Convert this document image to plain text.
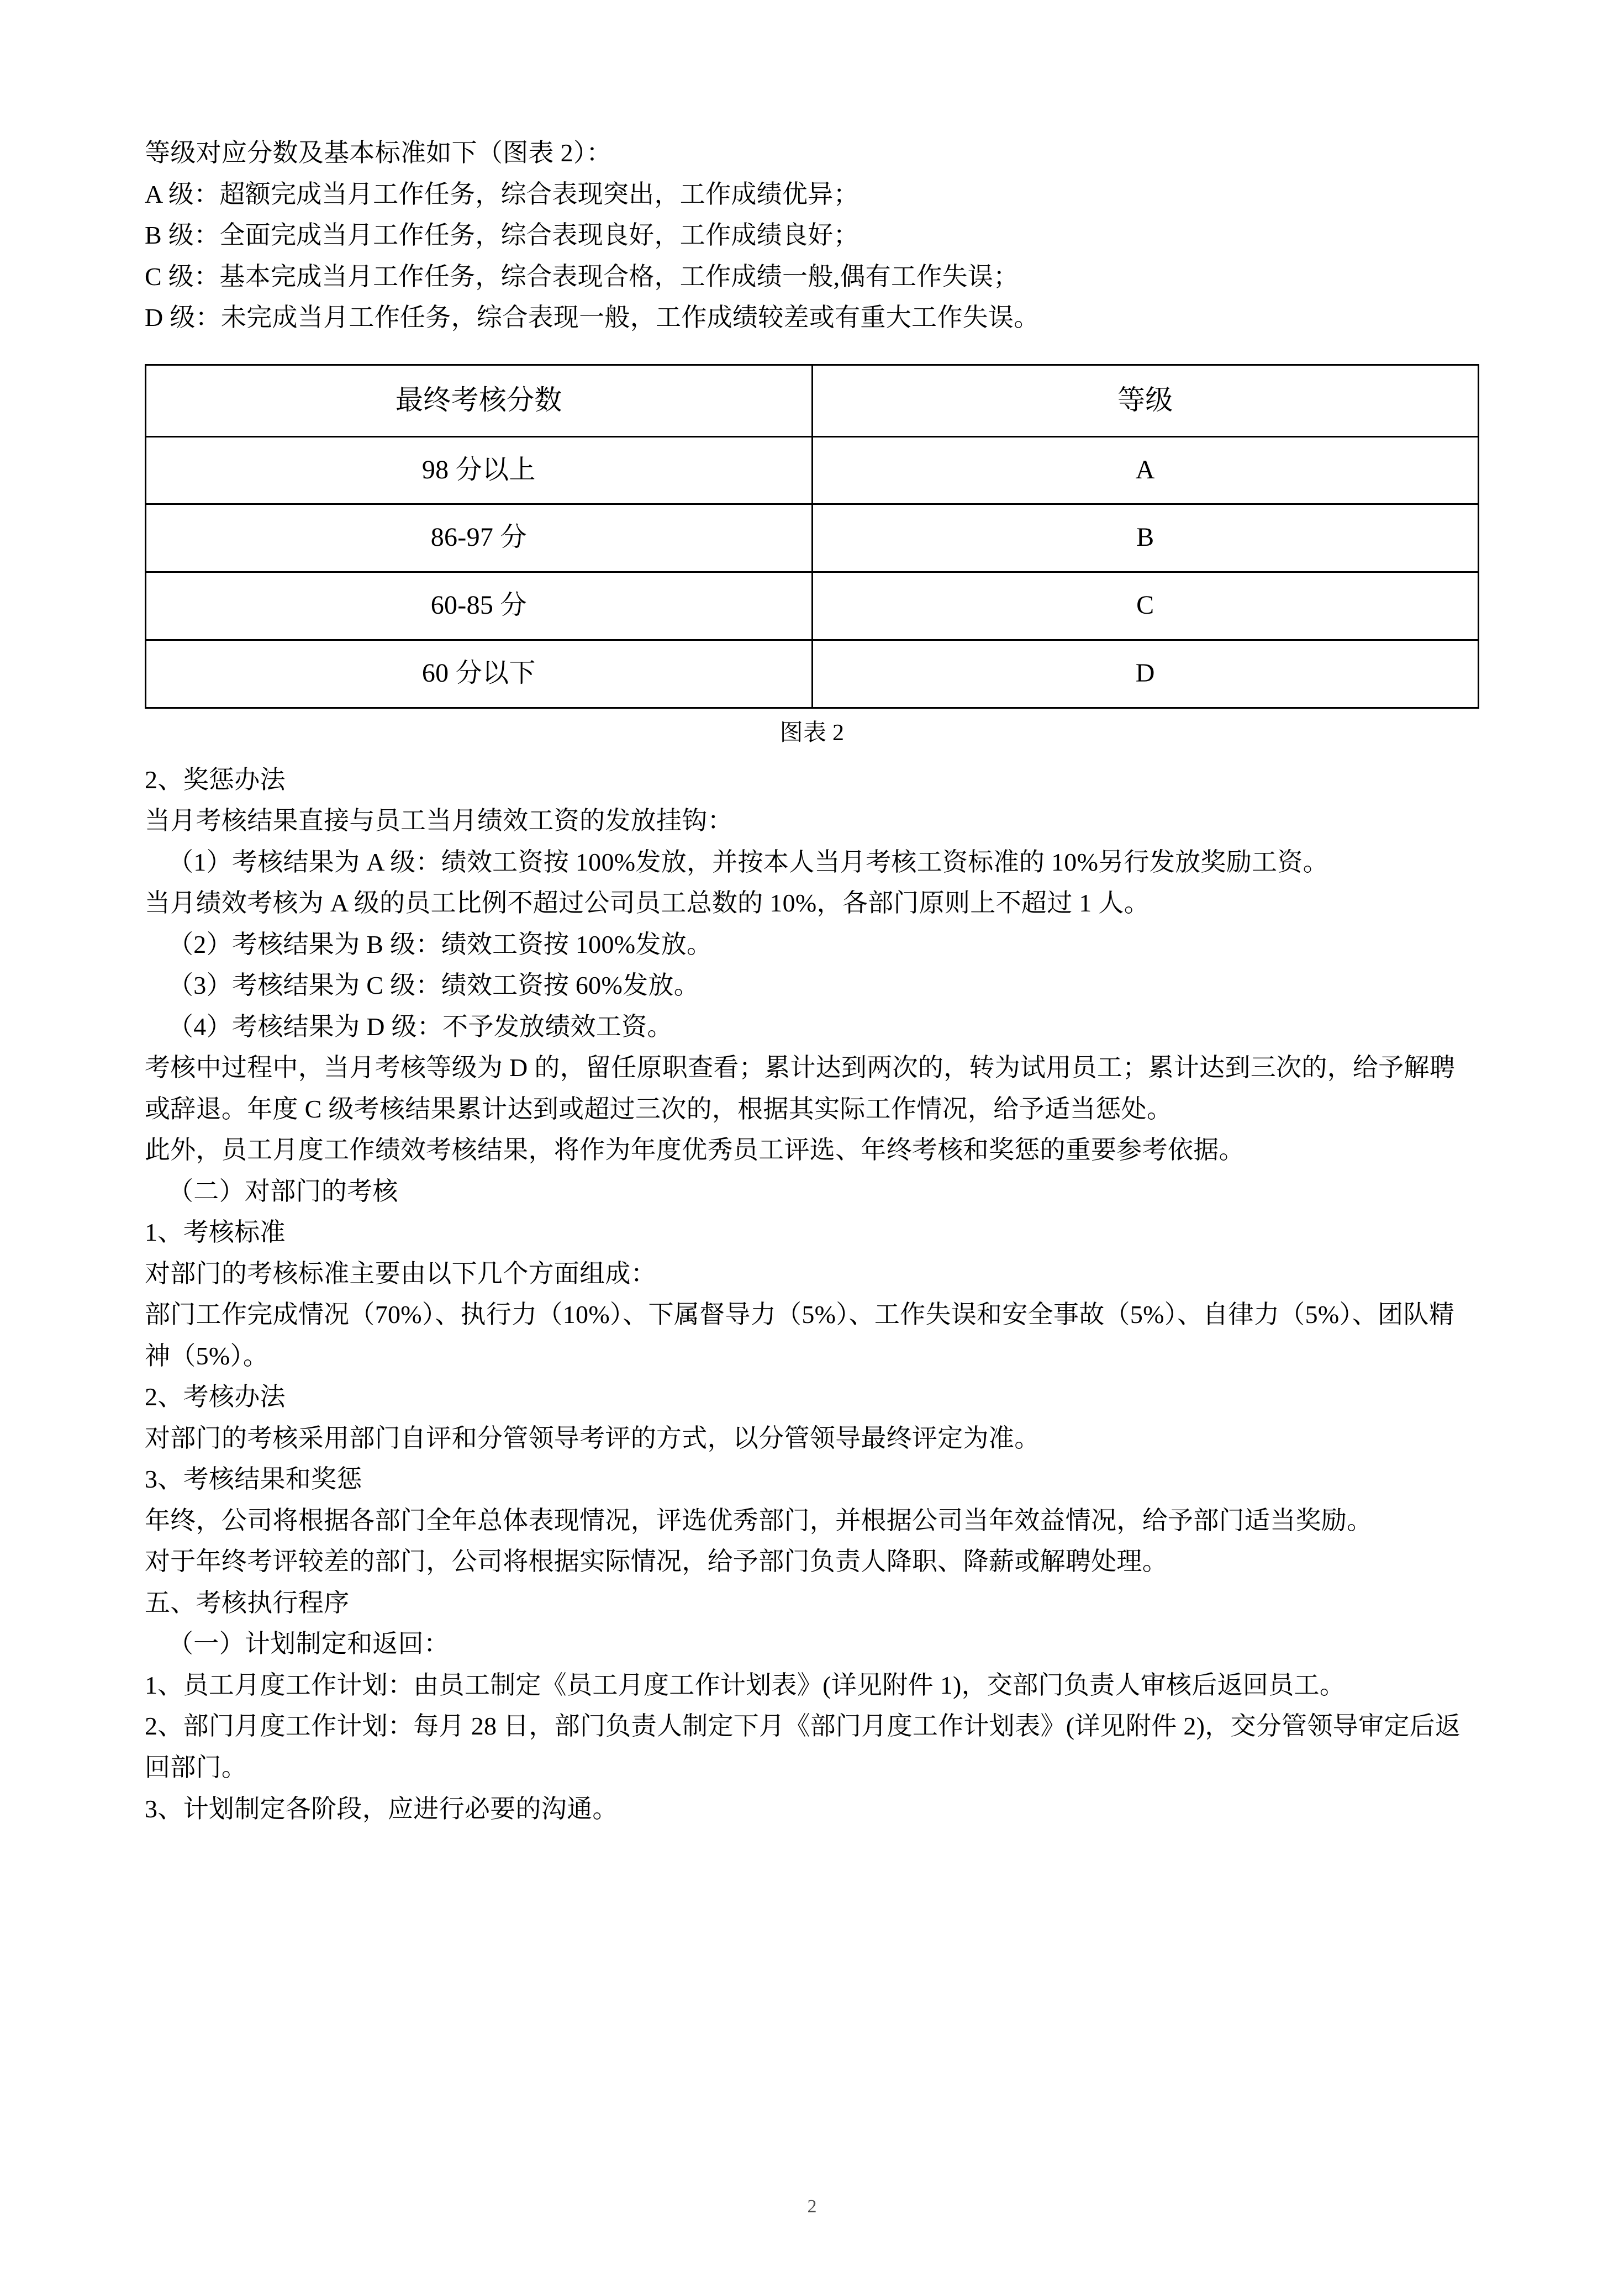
等级对应分数及基本标准如下（图表 2）：

A 级：超额完成当月工作任务，综合表现突出，工作成绩优异；

B 级：全面完成当月工作任务，综合表现良好，工作成绩良好；

C 级：基本完成当月工作任务，综合表现合格，工作成绩一般,偶有工作失误；

D 级：未完成当月工作任务，综合表现一般，工作成绩较差或有重大工作失误。

最终考核分数	等级
98 分以上	A
86-97 分	B
60-85 分	C
60 分以下	D

图表 2

2、奖惩办法

当月考核结果直接与员工当月绩效工资的发放挂钩：

（1）考核结果为 A 级：绩效工资按 100%发放，并按本人当月考核工资标准的 10%另行发放奖励工资。

当月绩效考核为 A 级的员工比例不超过公司员工总数的 10%，各部门原则上不超过 1 人。

（2）考核结果为 B 级：绩效工资按 100%发放。

（3）考核结果为 C 级：绩效工资按 60%发放。

（4）考核结果为 D 级：不予发放绩效工资。

考核中过程中，当月考核等级为 D 的，留任原职查看；累计达到两次的，转为试用员工；累计达到三次的，给予解聘或辞退。年度 C 级考核结果累计达到或超过三次的，根据其实际工作情况，给予适当惩处。

此外，员工月度工作绩效考核结果，将作为年度优秀员工评选、年终考核和奖惩的重要参考依据。

（二）对部门的考核

1、考核标准

对部门的考核标准主要由以下几个方面组成：

部门工作完成情况（70%）、执行力（10%）、下属督导力（5%）、工作失误和安全事故（5%）、自律力（5%）、团队精神（5%）。

2、考核办法

对部门的考核采用部门自评和分管领导考评的方式，以分管领导最终评定为准。

3、考核结果和奖惩

年终，公司将根据各部门全年总体表现情况，评选优秀部门，并根据公司当年效益情况，给予部门适当奖励。

对于年终考评较差的部门，公司将根据实际情况，给予部门负责人降职、降薪或解聘处理。

五、考核执行程序

（一）计划制定和返回：

1、员工月度工作计划：由员工制定《员工月度工作计划表》(详见附件 1)，交部门负责人审核后返回员工。

2、部门月度工作计划：每月 28 日，部门负责人制定下月《部门月度工作计划表》(详见附件 2)，交分管领导审定后返回部门。

3、计划制定各阶段，应进行必要的沟通。

2
